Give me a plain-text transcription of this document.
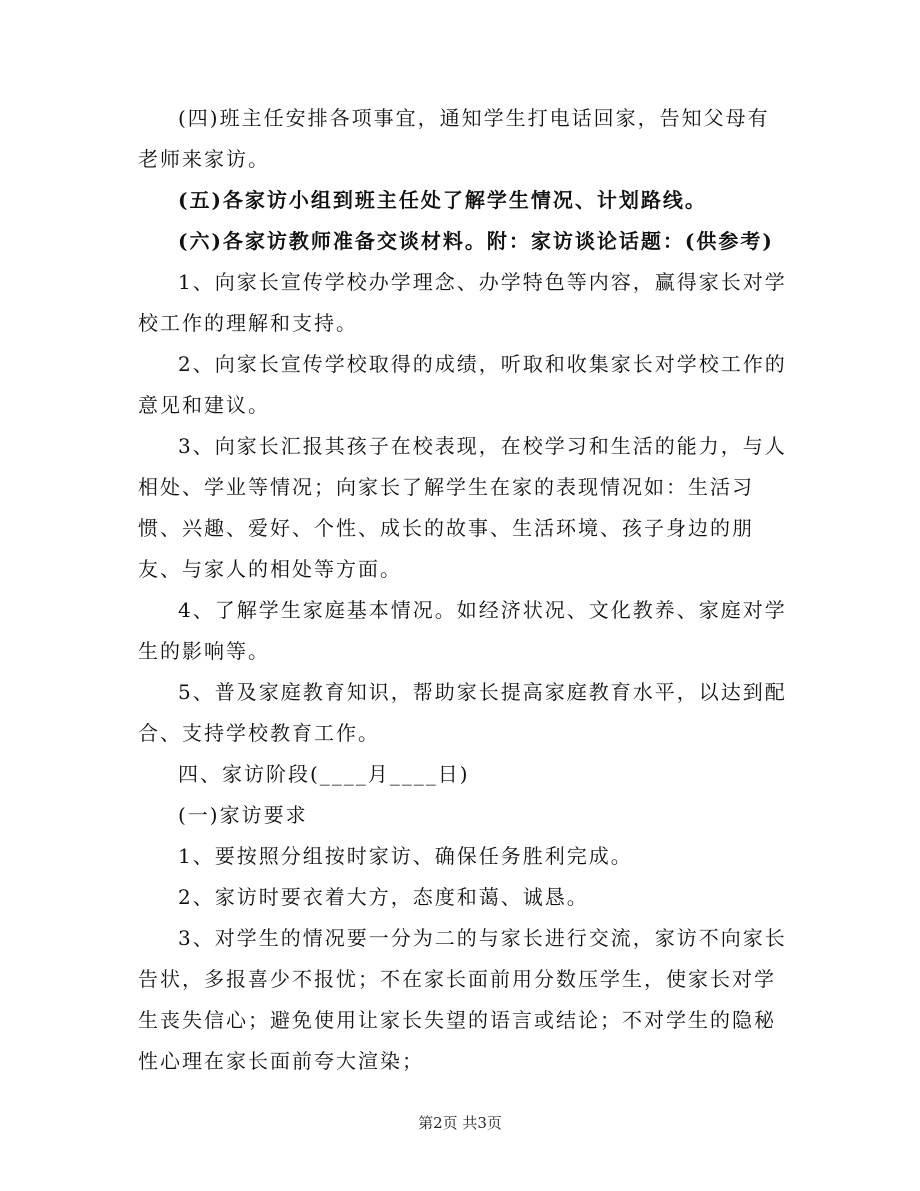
(四)班主任安排各项事宜，通知学生打电话回家，告知父母有老师来家访。

(五)各家访小组到班主任处了解学生情况、计划路线。

(六)各家访教师准备交谈材料。附：家访谈论话题：(供参考)

1、向家长宣传学校办学理念、办学特色等内容，赢得家长对学校工作的理解和支持。

2、向家长宣传学校取得的成绩，听取和收集家长对学校工作的意见和建议。

3、向家长汇报其孩子在校表现，在校学习和生活的能力，与人相处、学业等情况；向家长了解学生在家的表现情况如：生活习惯、兴趣、爱好、个性、成长的故事、生活环境、孩子身边的朋友、与家人的相处等方面。

4、了解学生家庭基本情况。如经济状况、文化教养、家庭对学生的影响等。

5、普及家庭教育知识，帮助家长提高家庭教育水平，以达到配合、支持学校教育工作。

四、家访阶段(____月____日)

(一)家访要求

1、要按照分组按时家访、确保任务胜利完成。

2、家访时要衣着大方，态度和蔼、诚恳。

3、对学生的情况要一分为二的与家长进行交流，家访不向家长告状，多报喜少不报忧；不在家长面前用分数压学生，使家长对学生丧失信心；避免使用让家长失望的语言或结论；不对学生的隐秘性心理在家长面前夸大渲染；

第2页 共3页
